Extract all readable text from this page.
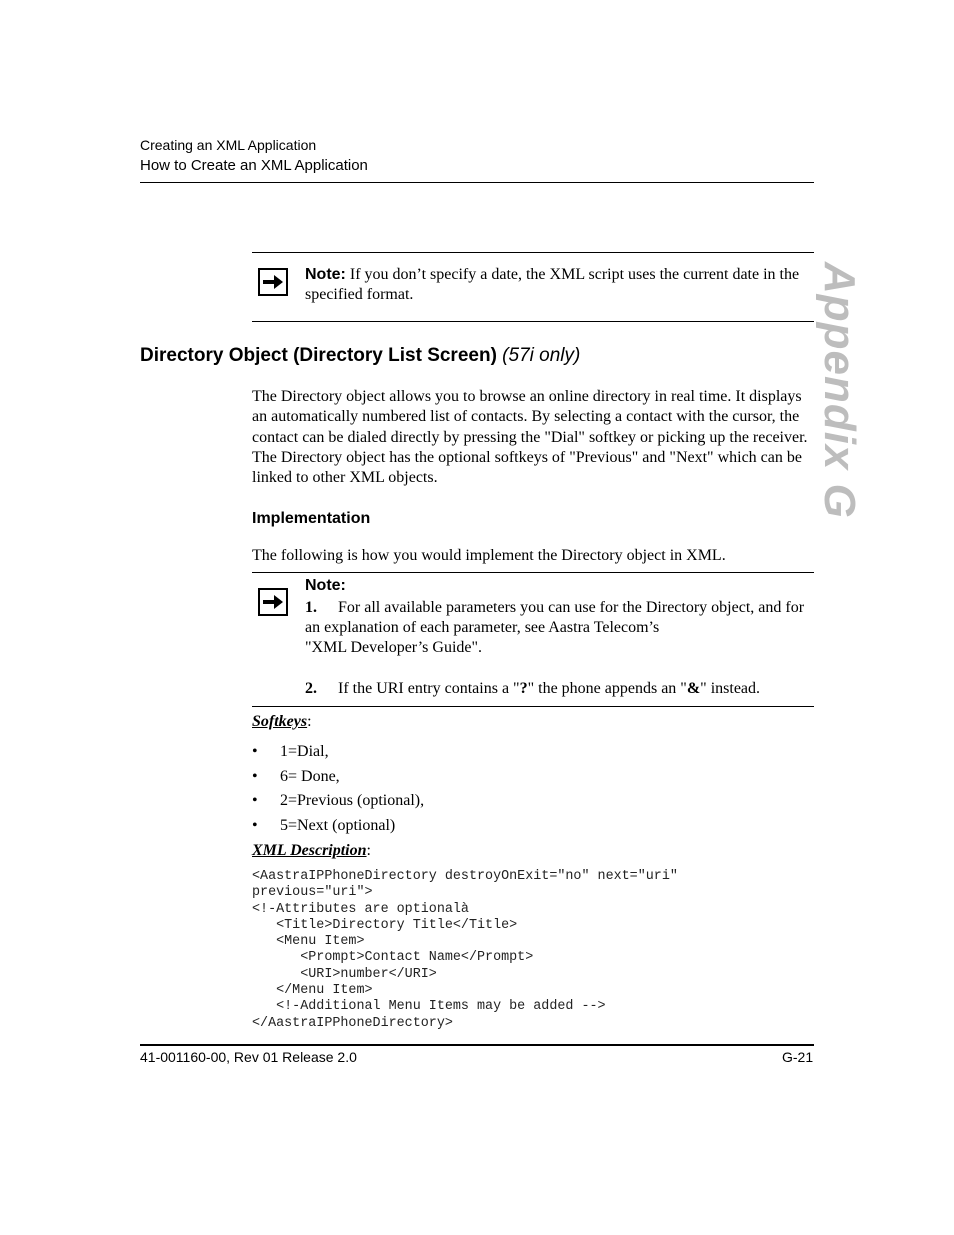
Creating an XML Application
How to Create an XML Application
Appendix G
Note: If you don’t specify a date, the XML script uses the current date in the specified format.
Directory Object (Directory List Screen) (57i only)
The Directory object allows you to browse an online directory in real time. It displays an automatically numbered list of contacts. By selecting a contact with the cursor, the contact can be dialed directly by pressing the "Dial" softkey or picking up the receiver. The Directory object has the optional softkeys of "Previous" and "Next" which can be linked to other XML objects.
Implementation
The following is how you would implement the Directory object in XML.
Note:
1. For all available parameters you can use for the Directory object, and for an explanation of each parameter, see Aastra Telecom’s
"XML Developer’s Guide".
2. If the URI entry contains a "?" the phone appends an "&" instead.
Softkeys:
• 1=Dial,
• 6= Done,
• 2=Previous (optional),
• 5=Next (optional)
XML Description:
<AastraIPPhoneDirectory destroyOnExit="no" next="uri"
previous="uri">
<!-Attributes are optionalà
<Title>Directory Title</Title>
<Menu Item>
<Prompt>Contact Name</Prompt>
<URI>number</URI>
</Menu Item>
<!-Additional Menu Items may be added -->
</AastraIPPhoneDirectory>
41-001160-00, Rev 01 Release 2.0	G-21
